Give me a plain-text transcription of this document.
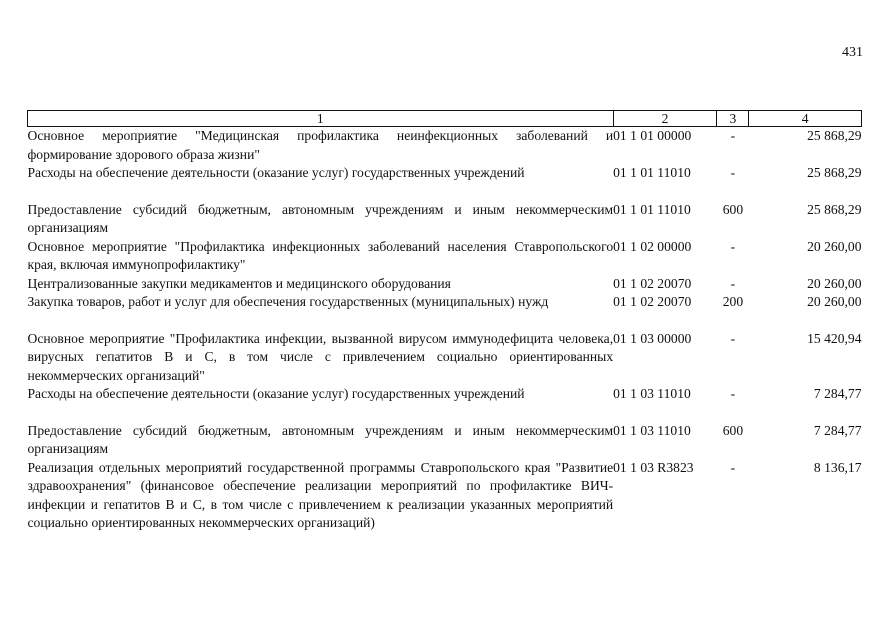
431
1	2	3	4
Основное мероприятие "Медицинская профилактика неинфекционных заболеваний и формирование здорового образа жизни"	01 1 01 00000	-	25 868,29
Расходы на обеспечение деятельности (оказание услуг) государственных учреждений	01 1 01 11010	-	25 868,29
Предоставление субсидий бюджетным, автономным учреждениям и иным некоммерческим организациям	01 1 01 11010	600	25 868,29
Основное мероприятие "Профилактика инфекционных заболеваний населения Ставропольского края, включая иммунопрофилактику"	01 1 02 00000	-	20 260,00
Централизованные закупки медикаментов и медицинского оборудования	01 1 02 20070	-	20 260,00
Закупка товаров, работ и услуг для обеспечения государственных (муниципальных) нужд	01 1 02 20070	200	20 260,00
Основное мероприятие "Профилактика инфекции, вызванной вирусом иммунодефицита человека, вирусных гепатитов В и С, в том числе с привлечением социально ориентированных некоммерческих организаций"	01 1 03 00000	-	15 420,94
Расходы на обеспечение деятельности (оказание услуг) государственных учреждений	01 1 03 11010	-	7 284,77
Предоставление субсидий бюджетным, автономным учреждениям и иным некоммерческим организациям	01 1 03 11010	600	7 284,77
Реализация отдельных мероприятий государственной программы Ставропольского края "Развитие здравоохранения" (финансовое обеспечение реализации мероприятий по профилактике ВИЧ-инфекции и гепатитов В и С, в том числе с привлечением к реализации указанных мероприятий социально ориентированных некоммерческих организаций)	01 1 03 R3823	-	8 136,17
